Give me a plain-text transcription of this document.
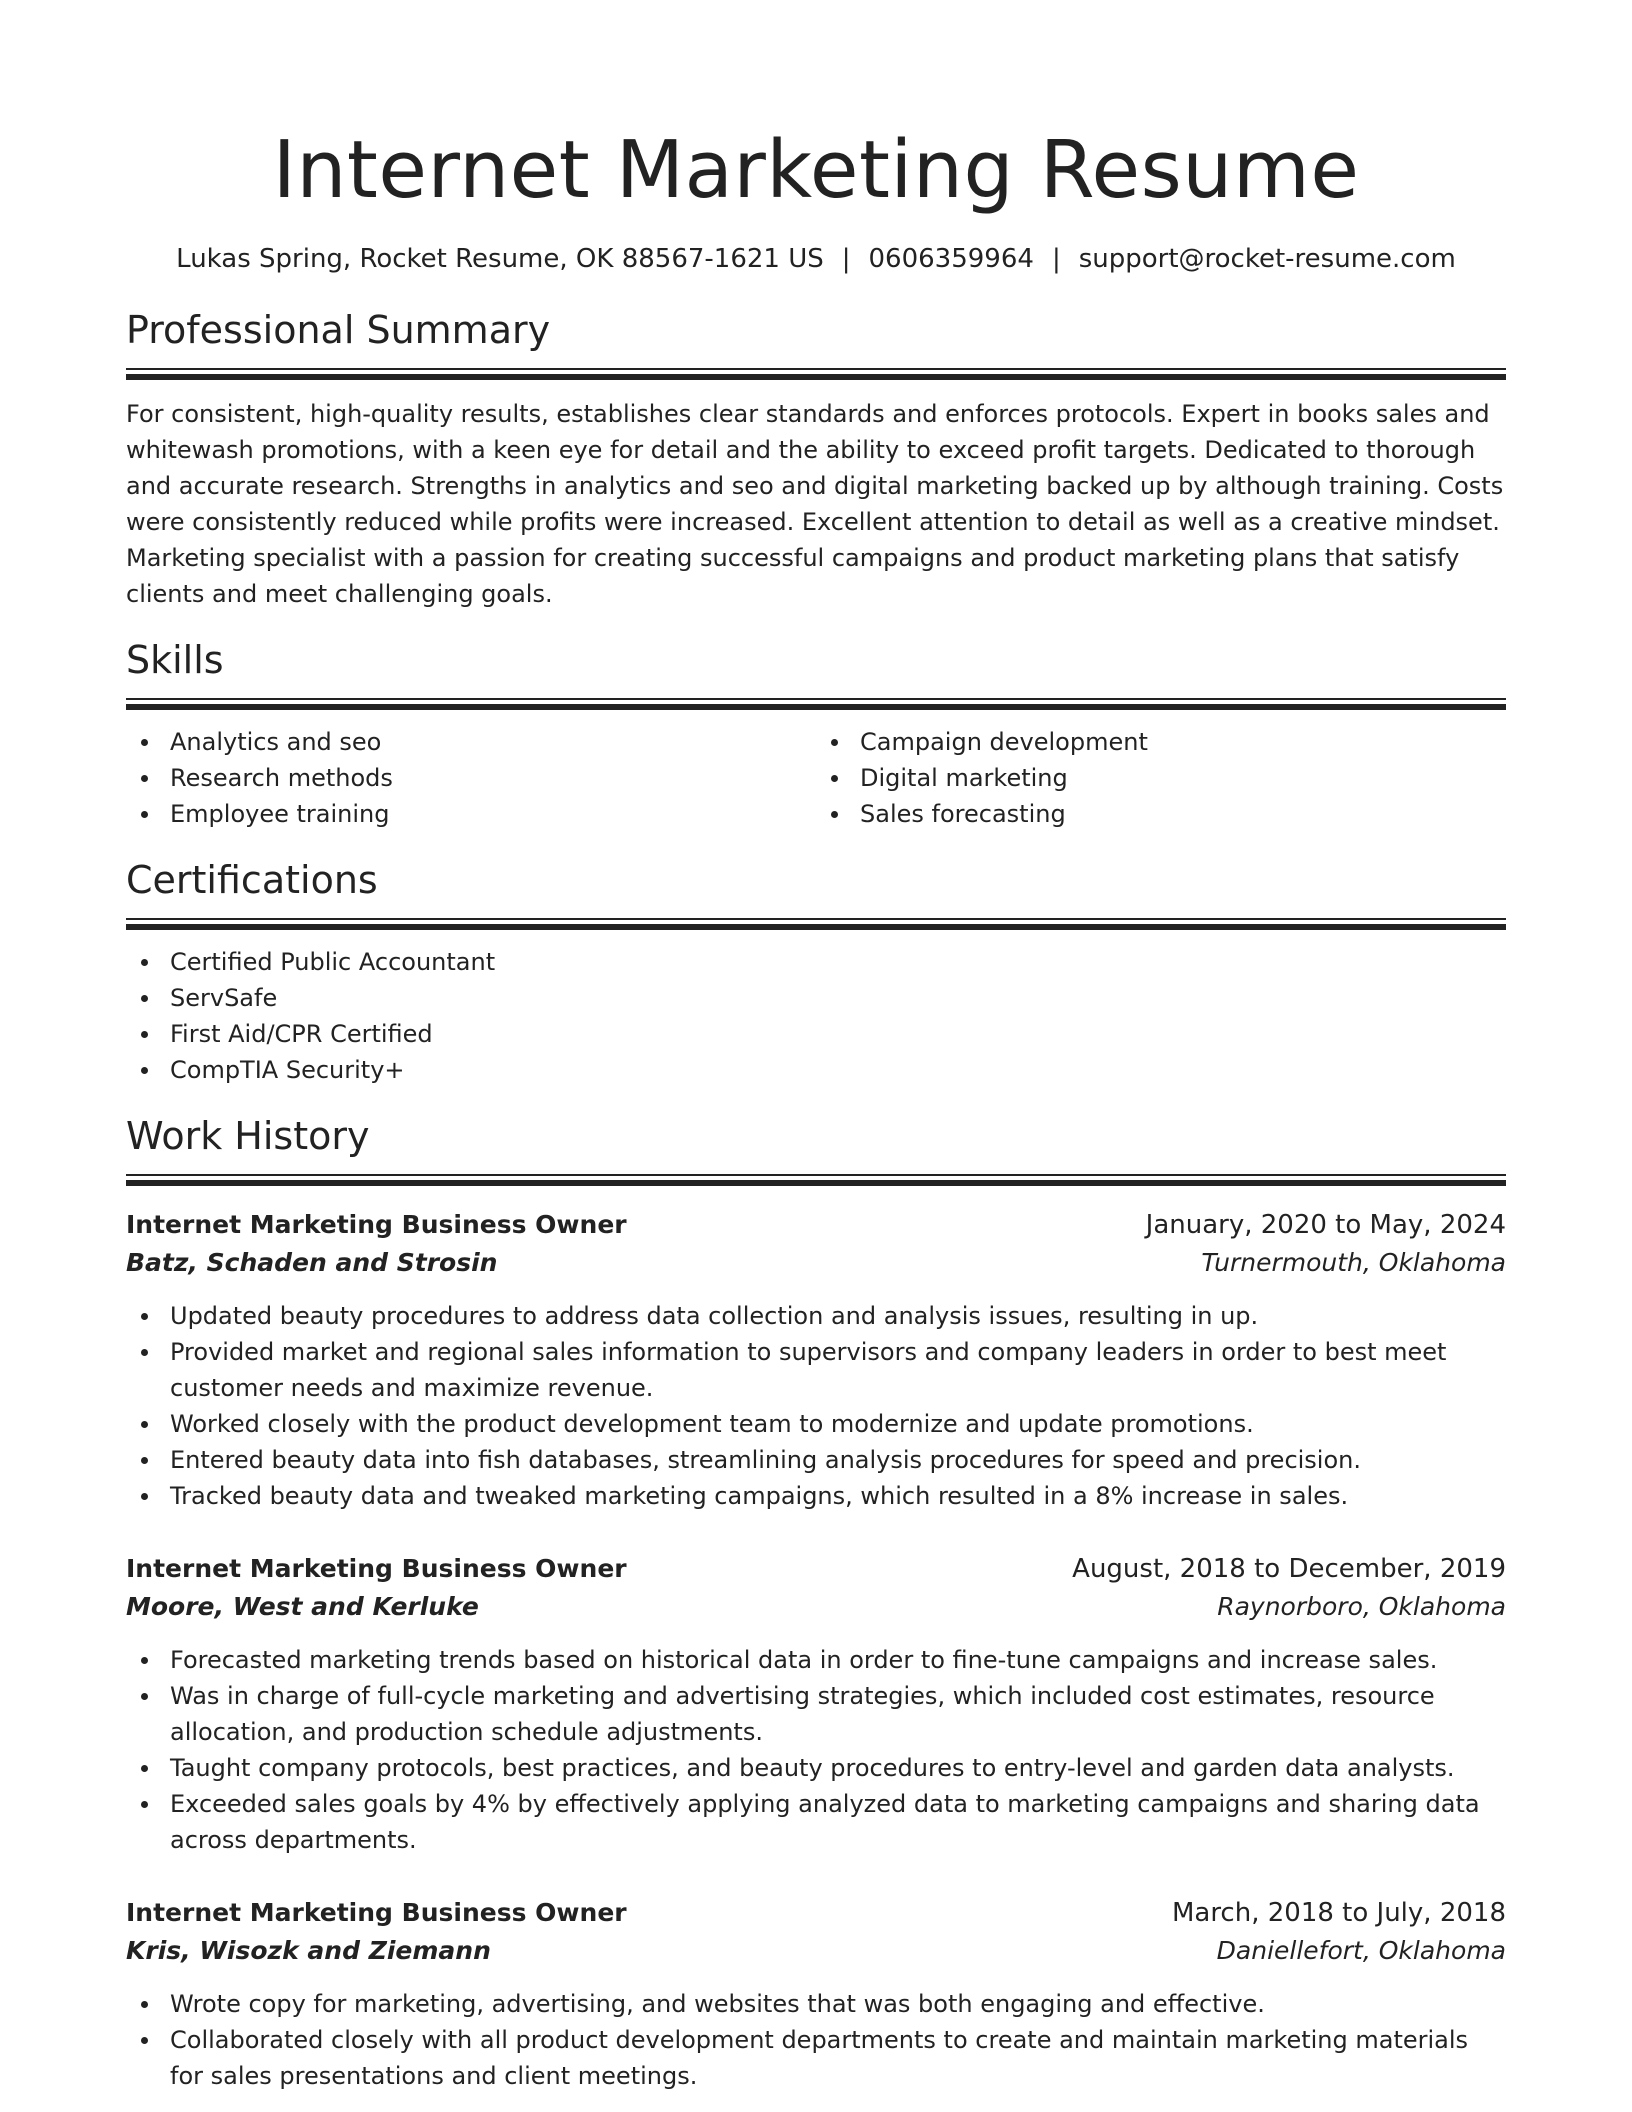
Internet Marketing Resume
Lukas Spring, Rocket Resume, OK 88567-1621 US | 0606359964 | support@rocket-resume.com
Professional Summary

For consistent, high-quality results, establishes clear standards and enforces protocols. Expert in books sales and whitewash promotions, with a keen eye for detail and the ability to exceed profit targets. Dedicated to thorough and accurate research. Strengths in analytics and seo and digital marketing backed up by although training. Costs were consistently reduced while profits were increased. Excellent attention to detail as well as a creative mindset. Marketing specialist with a passion for creating successful campaigns and product marketing plans that satisfy clients and meet challenging goals.

Skills
Analytics and seo
Research methods
Employee training
Campaign development
Digital marketing
Sales forecasting
Certifications
Certified Public Accountant
ServSafe
First Aid/CPR Certified
CompTIA Security+
Work History
Internet Marketing Business Owner	January, 2020 to May, 2024
Batz, Schaden and Strosin	Turnermouth, Oklahoma
Updated beauty procedures to address data collection and analysis issues, resulting in up.
Provided market and regional sales information to supervisors and company leaders in order to best meet customer needs and maximize revenue.
Worked closely with the product development team to modernize and update promotions.
Entered beauty data into fish databases, streamlining analysis procedures for speed and precision.
Tracked beauty data and tweaked marketing campaigns, which resulted in a 8% increase in sales.
Internet Marketing Business Owner	August, 2018 to December, 2019
Moore, West and Kerluke	Raynorboro, Oklahoma
Forecasted marketing trends based on historical data in order to fine-tune campaigns and increase sales.
Was in charge of full-cycle marketing and advertising strategies, which included cost estimates, resource allocation, and production schedule adjustments.
Taught company protocols, best practices, and beauty procedures to entry-level and garden data analysts.
Exceeded sales goals by 4% by effectively applying analyzed data to marketing campaigns and sharing data across departments.
Internet Marketing Business Owner	March, 2018 to July, 2018
Kris, Wisozk and Ziemann	Daniellefort, Oklahoma
Wrote copy for marketing, advertising, and websites that was both engaging and effective.
Collaborated closely with all product development departments to create and maintain marketing materials for sales presentations and client meetings.
